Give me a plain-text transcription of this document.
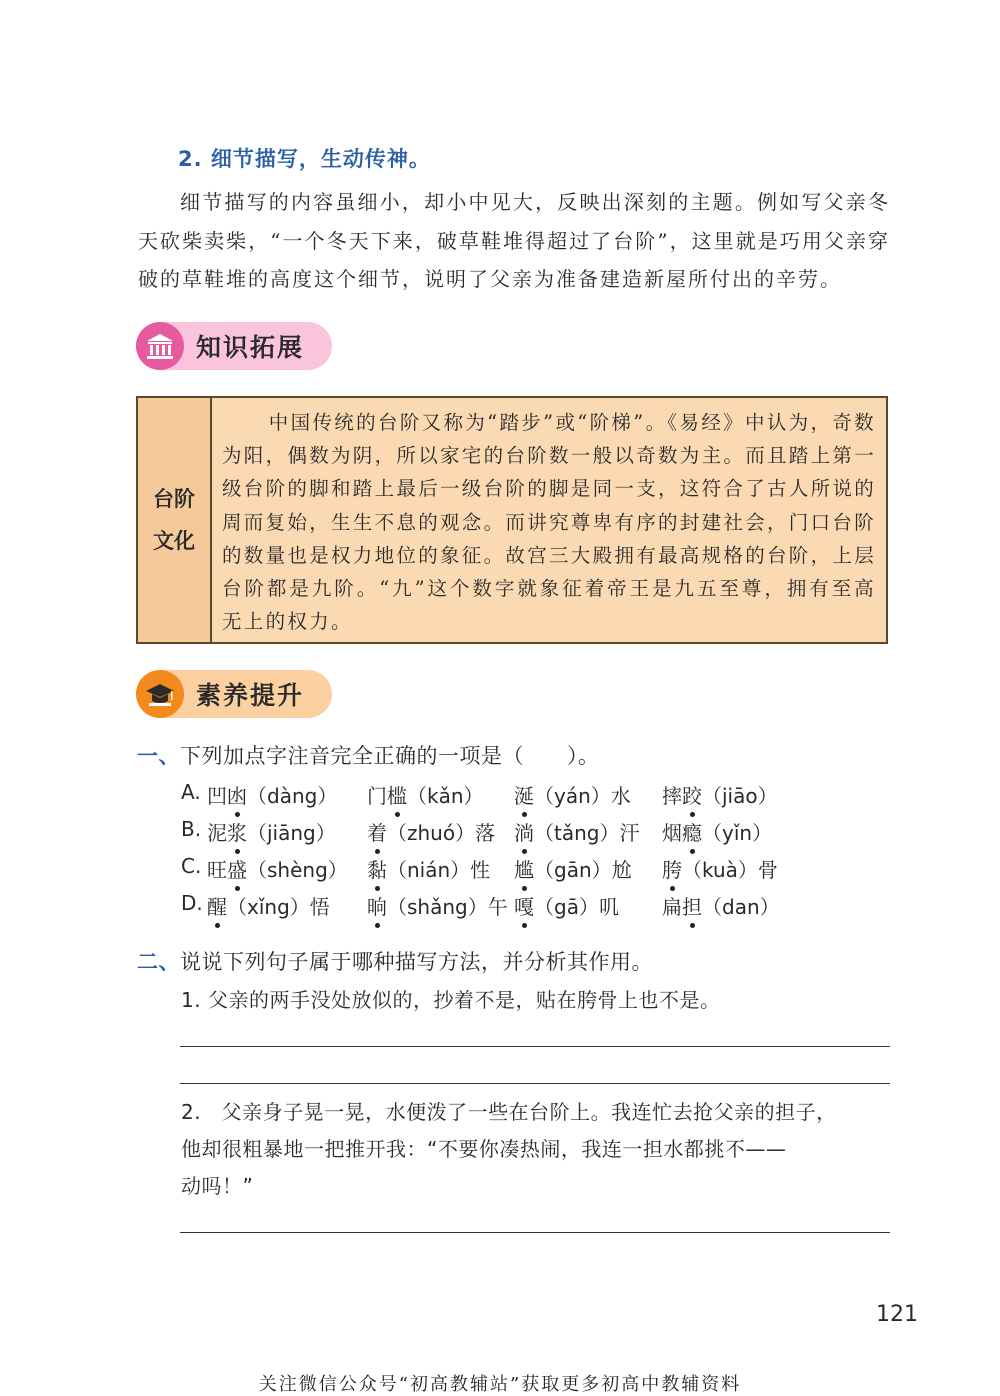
2. 细节描写，生动传神。
细节描写的内容虽细小，却小中见大，反映出深刻的主题。例如写父亲冬天砍柴卖柴，“一个冬天下来，破草鞋堆得超过了台阶”，这里就是巧用父亲穿破的草鞋堆的高度这个细节，说明了父亲为准备建造新屋所付出的辛劳。
知识拓展
台阶
文化
中国传统的台阶又称为“踏步”或“阶梯”。《易经》中认为，奇数为阳，偶数为阴，所以家宅的台阶数一般以奇数为主。而且踏上第一级台阶的脚和踏上最后一级台阶的脚是同一支，这符合了古人所说的周而复始，生生不息的观念。而讲究尊卑有序的封建社会，门口台阶的数量也是权力地位的象征。故宫三大殿拥有最高规格的台阶，上层台阶都是九阶。“九”这个数字就象征着帝王是九五至尊，拥有至高无上的权力。
素养提升
一、下列加点字注音完全正确的一项是（　　）。
A. 凹凼（dàng） 门槛（kǎn） 涎（yán）水 摔跤（jiāo）
B. 泥浆（jiāng） 着（zhuó）落 淌（tǎng）汗 烟瘾（yǐn）
C. 旺盛（shèng） 黏（nián）性 尴（gān）尬 胯（kuà）骨
D. 醒（xǐng）悟 晌（shǎng）午 嘎（gā）叽 扁担（dan）
二、说说下列句子属于哪种描写方法，并分析其作用。
1. 父亲的两手没处放似的，抄着不是，贴在胯骨上也不是。
2.　父亲身子晃一晃，水便泼了一些在台阶上。我连忙去抢父亲的担子，
他却很粗暴地一把推开我：“不要你凑热闹，我连一担水都挑不——
动吗！”
121
关注微信公众号“初高教辅站”获取更多初高中教辅资料
